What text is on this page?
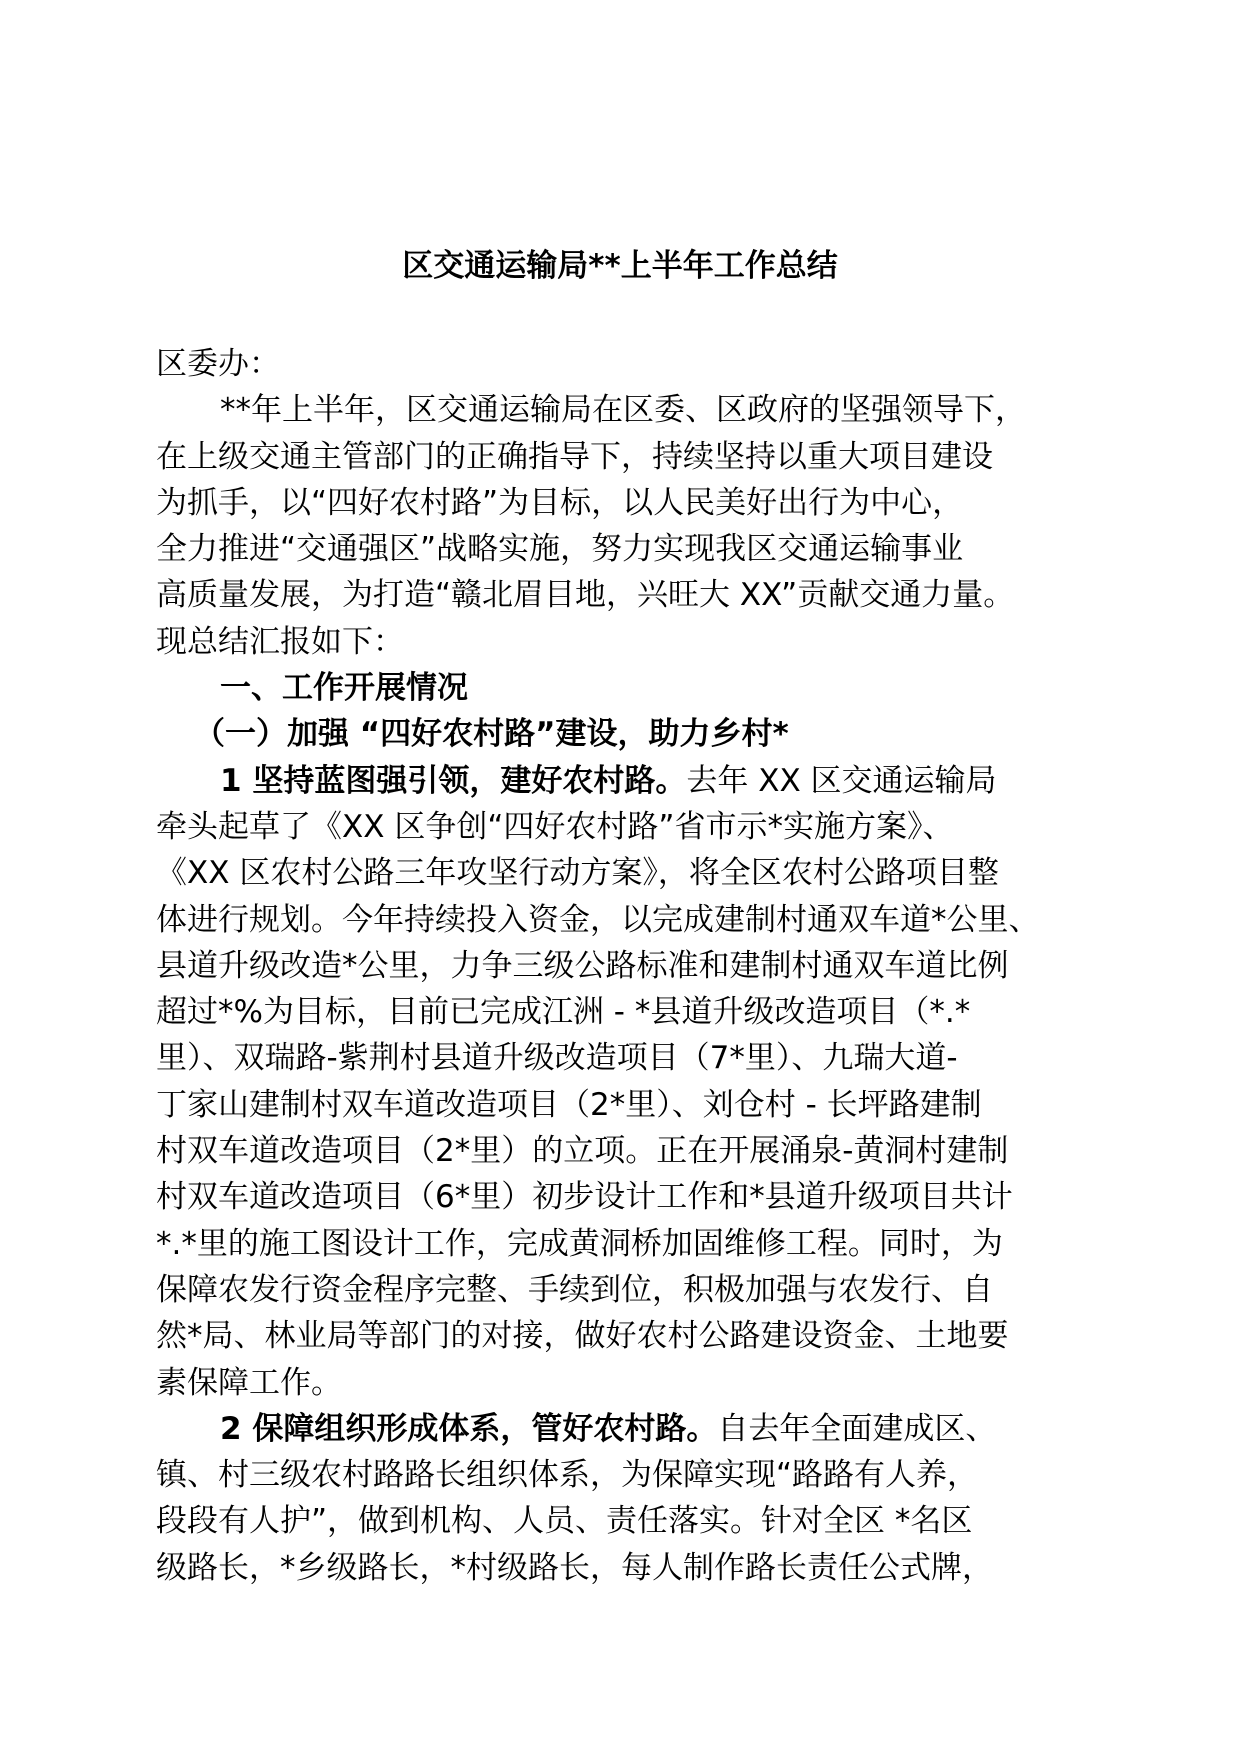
区交通运输局**上半年工作总结
区委办：
**年上半年，区交通运输局在区委、区政府的坚强领导下，
在上级交通主管部门的正确指导下，持续坚持以重大项目建设
为抓手，以“四好农村路”为目标，以人民美好出行为中心，
全力推进“交通强区”战略实施，努力实现我区交通运输事业
高质量发展，为打造“赣北眉目地，兴旺大 XX”贡献交通力量。
现总结汇报如下：
一、工作开展情况
（一）加强 “四好农村路”建设，助力乡村*
1 坚持蓝图强引领，建好农村路。去年 XX 区交通运输局
牵头起草了《XX 区争创“四好农村路”省市示*实施方案》、
《XX 区农村公路三年攻坚行动方案》，将全区农村公路项目整
体进行规划。今年持续投入资金，以完成建制村通双车道*公里、
县道升级改造*公里，力争三级公路标准和建制村通双车道比例
超过*%为目标，目前已完成江洲 - *县道升级改造项目（*.*
里）、双瑞路-紫荆村县道升级改造项目（7*里）、九瑞大道-
丁家山建制村双车道改造项目（2*里）、刘仓村 - 长坪路建制
村双车道改造项目（2*里）的立项。正在开展涌泉-黄洞村建制
村双车道改造项目（6*里）初步设计工作和*县道升级项目共计
*.*里的施工图设计工作，完成黄洞桥加固维修工程。同时，为
保障农发行资金程序完整、手续到位，积极加强与农发行、自
然*局、林业局等部门的对接，做好农村公路建设资金、土地要
素保障工作。
2 保障组织形成体系，管好农村路。自去年全面建成区、
镇、村三级农村路路长组织体系，为保障实现“路路有人养，
段段有人护”，做到机构、人员、责任落实。针对全区 *名区
级路长，*乡级路长，*村级路长，每人制作路长责任公式牌，
